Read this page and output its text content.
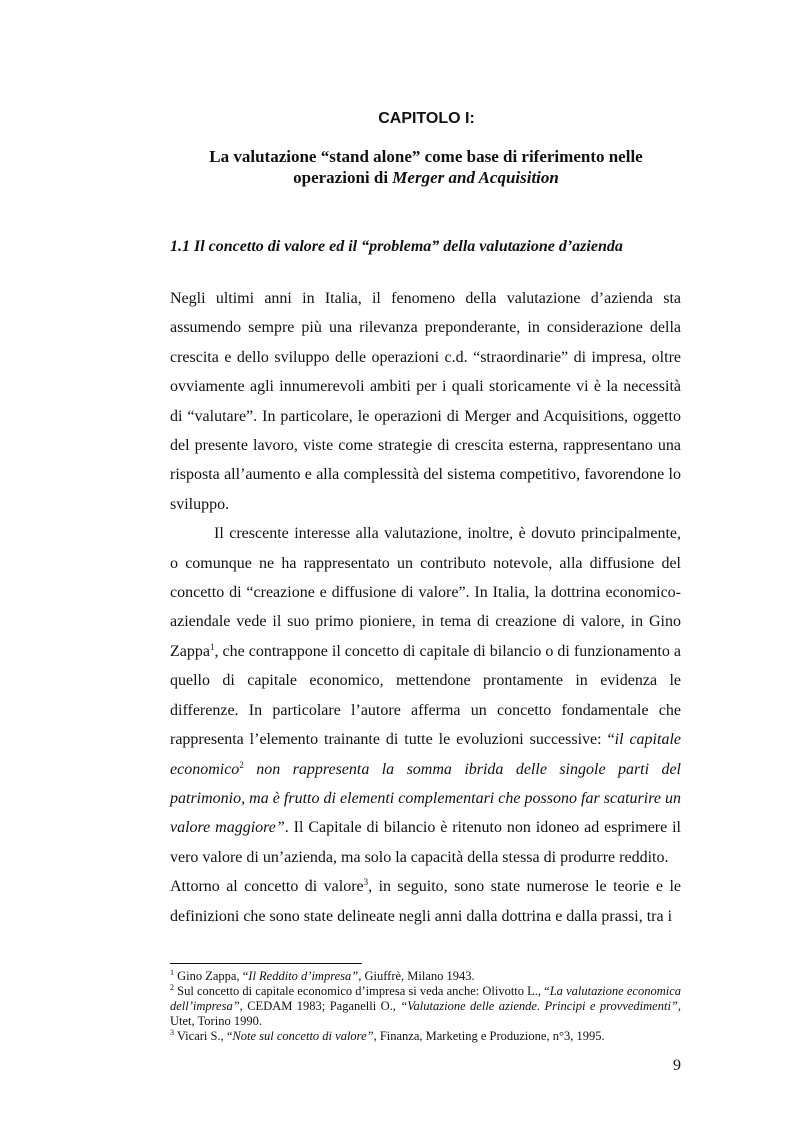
CAPITOLO I:
La valutazione “stand alone” come base di riferimento nelle
operazioni di Merger and Acquisition
1.1 Il concetto di valore ed il “problema” della valutazione d’azienda

Negli ultimi anni in Italia, il fenomeno della valutazione d’azienda sta assumendo sempre più una rilevanza preponderante, in considerazione della crescita e dello sviluppo delle operazioni c.d. “straordinarie” di impresa, oltre ovviamente agli innumerevoli ambiti per i quali storicamente vi è la necessità di “valutare”. In particolare, le operazioni di Merger and Acquisitions, oggetto del presente lavoro, viste come strategie di crescita esterna, rappresentano una risposta all’aumento e alla complessità del sistema competitivo, favorendone lo sviluppo.

Il crescente interesse alla valutazione, inoltre, è dovuto principalmente, o comunque ne ha rappresentato un contributo notevole, alla diffusione del concetto di “creazione e diffusione di valore”. In Italia, la dottrina economico-aziendale vede il suo primo pioniere, in tema di creazione di valore, in Gino Zappa$^1$, che contrappone il concetto di capitale di bilancio o di funzionamento a quello di capitale economico, mettendone prontamente in evidenza le differenze. In particolare l’autore afferma un concetto fondamentale che rappresenta l’elemento trainante di tutte le evoluzioni successive: “il capitale economico$^2$ non rappresenta la somma ibrida delle singole parti del patrimonio, ma è frutto di elementi complementari che possono far scaturire un valore maggiore”. Il Capitale di bilancio è ritenuto non idoneo ad esprimere il vero valore di un’azienda, ma solo la capacità della stessa di produrre reddito.

Attorno al concetto di valore$^3$, in seguito, sono state numerose le teorie e le definizioni che sono state delineate negli anni dalla dottrina e dalla prassi, tra i

$^1$ Gino Zappa, “Il Reddito d’impresa”, Giuffrè, Milano 1943.

$^2$ Sul concetto di capitale economico d’impresa si veda anche: Olivotto L., “La valutazione economica dell’impresa”, CEDAM 1983; Paganelli O., “Valutazione delle aziende. Principi e provvedimenti”, Utet, Torino 1990.

$^3$ Vicari S., “Note sul concetto di valore”, Finanza, Marketing e Produzione, n°3, 1995.

9
